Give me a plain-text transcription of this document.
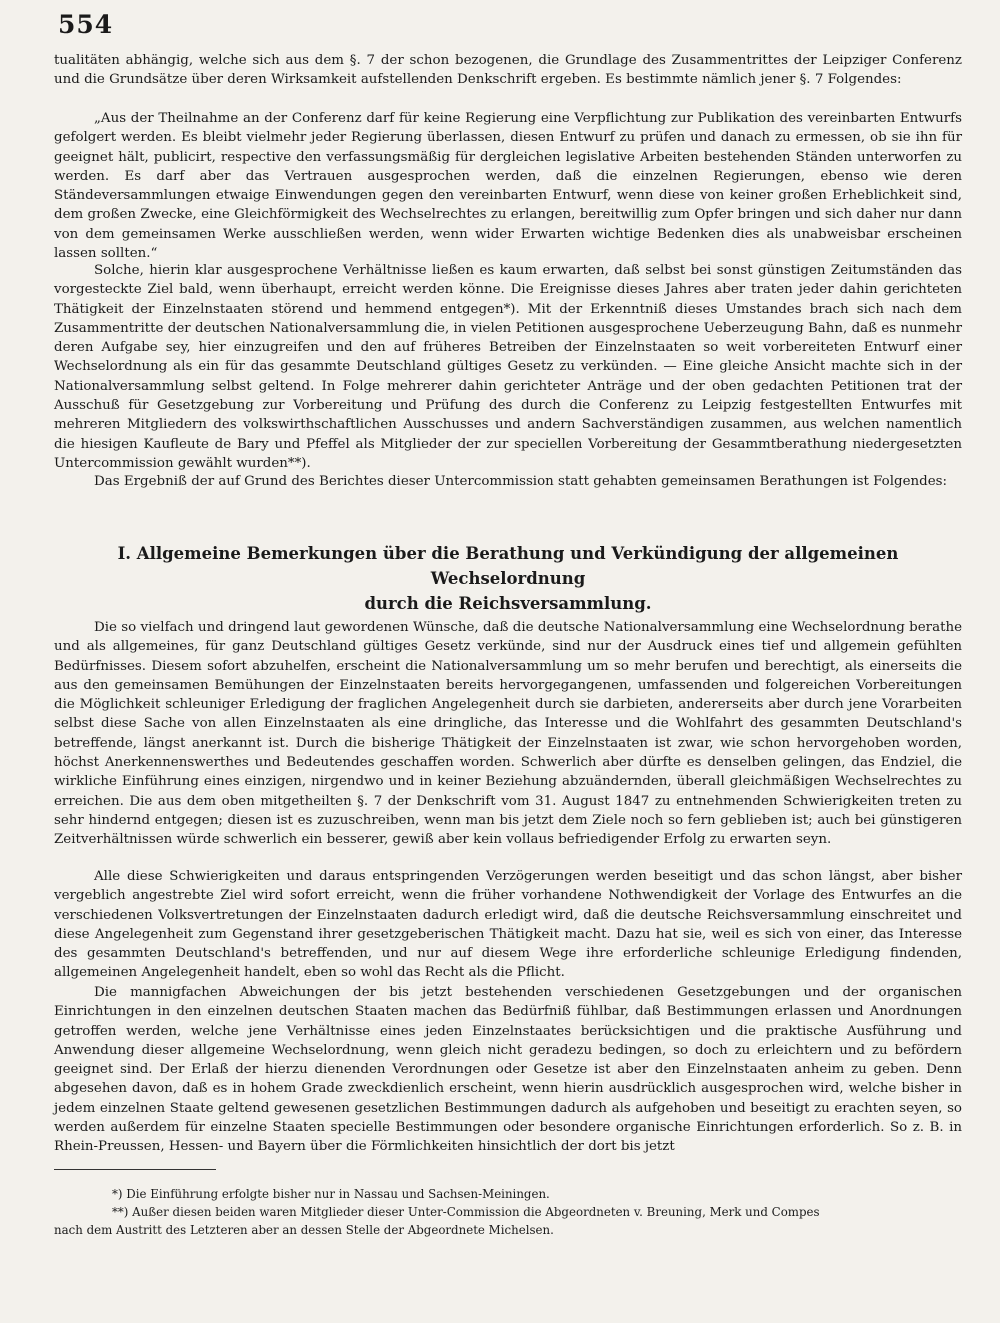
554

tualitäten abhängig, welche sich aus dem §. 7 der schon bezogenen, die Grundlage des Zusammentrittes der Leipziger Conferenz und die Grundsätze über deren Wirksamkeit aufstellenden Denkschrift ergeben. Es bestimmte nämlich jener §. 7 Folgendes:

„Aus der Theilnahme an der Conferenz darf für keine Regierung eine Verpflichtung zur Publikation des vereinbarten Entwurfs gefolgert werden. Es bleibt vielmehr jeder Regierung überlassen, diesen Entwurf zu prüfen und danach zu ermessen, ob sie ihn für geeignet hält, publicirt, respective den verfassungsmäßig für dergleichen legislative Arbeiten bestehenden Ständen unterworfen zu werden. Es darf aber das Vertrauen ausgesprochen werden, daß die einzelnen Regierungen, ebenso wie deren Ständeversammlungen etwaige Einwendungen gegen den vereinbarten Entwurf, wenn diese von keiner großen Erheblichkeit sind, dem großen Zwecke, eine Gleichförmigkeit des Wechselrechtes zu erlangen, bereitwillig zum Opfer bringen und sich daher nur dann von dem gemeinsamen Werke ausschließen werden, wenn wider Erwarten wichtige Bedenken dies als unabweisbar erscheinen lassen sollten.“

Solche, hierin klar ausgesprochene Verhältnisse ließen es kaum erwarten, daß selbst bei sonst günstigen Zeitumständen das vorgesteckte Ziel bald, wenn überhaupt, erreicht werden könne. Die Ereignisse dieses Jahres aber traten jeder dahin gerichteten Thätigkeit der Einzelnstaaten störend und hemmend entgegen*). Mit der Erkenntniß dieses Umstandes brach sich nach dem Zusammentritte der deutschen Nationalversammlung die, in vielen Petitionen ausgesprochene Ueberzeugung Bahn, daß es nunmehr deren Aufgabe sey, hier einzugreifen und den auf früheres Betreiben der Einzelnstaaten so weit vorbereiteten Entwurf einer Wechselordnung als ein für das gesammte Deutschland gültiges Gesetz zu verkünden. — Eine gleiche Ansicht machte sich in der Nationalversammlung selbst geltend. In Folge mehrerer dahin gerichteter Anträge und der oben gedachten Petitionen trat der Ausschuß für Gesetzgebung zur Vorbereitung und Prüfung des durch die Conferenz zu Leipzig festgestellten Entwurfes mit mehreren Mitgliedern des volkswirthschaftlichen Ausschusses und andern Sachverständigen zusammen, aus welchen namentlich die hiesigen Kaufleute de Bary und Pfeffel als Mitglieder der zur speciellen Vorbereitung der Gesammtberathung niedergesetzten Untercommission gewählt wurden**).

Das Ergebniß der auf Grund des Berichtes dieser Untercommission statt gehabten gemeinsamen Berathungen ist Folgendes:

I. Allgemeine Bemerkungen über die Berathung und Verkündigung der allgemeinen Wechselordnung
durch die Reichsversammlung.

Die so vielfach und dringend laut gewordenen Wünsche, daß die deutsche Nationalversammlung eine Wechselordnung berathe und als allgemeines, für ganz Deutschland gültiges Gesetz verkünde, sind nur der Ausdruck eines tief und allgemein gefühlten Bedürfnisses. Diesem sofort abzuhelfen, erscheint die Nationalversammlung um so mehr berufen und berechtigt, als einerseits die aus den gemeinsamen Bemühungen der Einzelnstaaten bereits hervorgegangenen, umfassenden und folgereichen Vorbereitungen die Möglichkeit schleuniger Erledigung der fraglichen Angelegenheit durch sie darbieten, andererseits aber durch jene Vorarbeiten selbst diese Sache von allen Einzelnstaaten als eine dringliche, das Interesse und die Wohlfahrt des gesammten Deutschland's betreffende, längst anerkannt ist. Durch die bisherige Thätigkeit der Einzelnstaaten ist zwar, wie schon hervorgehoben worden, höchst Anerkennenswerthes und Bedeutendes geschaffen worden. Schwerlich aber dürfte es denselben gelingen, das Endziel, die wirkliche Einführung eines einzigen, nirgendwo und in keiner Beziehung abzuändernden, überall gleichmäßigen Wechselrechtes zu erreichen. Die aus dem oben mitgetheilten §. 7 der Denkschrift vom 31. August 1847 zu entnehmenden Schwierigkeiten treten zu sehr hindernd entgegen; diesen ist es zuzuschreiben, wenn man bis jetzt dem Ziele noch so fern geblieben ist; auch bei günstigeren Zeitverhältnissen würde schwerlich ein besserer, gewiß aber kein vollaus befriedigender Erfolg zu erwarten seyn.

Alle diese Schwierigkeiten und daraus entspringenden Verzögerungen werden beseitigt und das schon längst, aber bisher vergeblich angestrebte Ziel wird sofort erreicht, wenn die früher vorhandene Nothwendigkeit der Vorlage des Entwurfes an die verschiedenen Volksvertretungen der Einzelnstaaten dadurch erledigt wird, daß die deutsche Reichsversammlung einschreitet und diese Angelegenheit zum Gegenstand ihrer gesetzgeberischen Thätigkeit macht. Dazu hat sie, weil es sich von einer, das Interesse des gesammten Deutschland's betreffenden, und nur auf diesem Wege ihre erforderliche schleunige Erledigung findenden, allgemeinen Angelegenheit handelt, eben so wohl das Recht als die Pflicht.

Die mannigfachen Abweichungen der bis jetzt bestehenden verschiedenen Gesetzgebungen und der organischen Einrichtungen in den einzelnen deutschen Staaten machen das Bedürfniß fühlbar, daß Bestimmungen erlassen und Anordnungen getroffen werden, welche jene Verhältnisse eines jeden Einzelnstaates berücksichtigen und die praktische Ausführung und Anwendung dieser allgemeine Wechselordnung, wenn gleich nicht geradezu bedingen, so doch zu erleichtern und zu befördern geeignet sind. Der Erlaß der hierzu dienenden Verordnungen oder Gesetze ist aber den Einzelnstaaten anheim zu geben. Denn abgesehen davon, daß es in hohem Grade zweckdienlich erscheint, wenn hierin ausdrücklich ausgesprochen wird, welche bisher in jedem einzelnen Staate geltend gewesenen gesetzlichen Bestimmungen dadurch als aufgehoben und beseitigt zu erachten seyen, so werden außerdem für einzelne Staaten specielle Bestimmungen oder besondere organische Einrichtungen erforderlich. So z. B. in Rhein-Preussen, Hessen- und Bayern über die Förmlichkeiten hinsichtlich der dort bis jetzt

*) Die Einführung erfolgte bisher nur in Nassau und Sachsen-Meiningen.

**) Außer diesen beiden waren Mitglieder dieser Unter-Commission die Abgeordneten v. Breuning, Merk und Compes

nach dem Austritt des Letzteren aber an dessen Stelle der Abgeordnete Michelsen.
